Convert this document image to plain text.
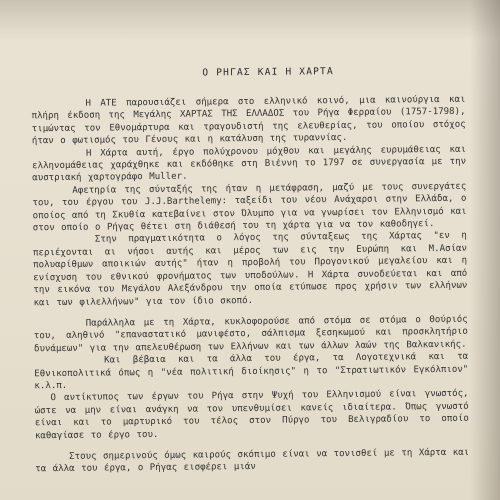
Ο ΡΗΓΑΣ ΚΑΙ Η ΧΑΡΤΑ

Η ΑΤΕ παρουσιάζει σήμερα στο ελληνικό κοινό, μια καινούργια και πλήρη έκδοση της Μεγάλης ΧΑΡΤΑΣ ΤΗΣ ΕΛΛΑΔΟΣ του Ρήγα Φερραίου (1757-1798), τιμώντας τον Εθνομάρτυρα και τραγουδιστή της ελευθερίας, του οποίου στόχος ήταν ο φωτισμός του Γένους και η κατάλυση της τυραννίας.

Η Χάρτα αυτή, έργο πολύχρονου μόχθου και μεγάλης ευρυμάθειας και ελληνομάθειας χαράχθηκε και εκδόθηκε στη Βιέννη το 1797 σε συνεργασία με την αυστριακή χαρτογράφο Muller.

Αφετηρία της σύνταξής της ήταν η μετάφραση, μαζύ με τους συνεργάτες του, του έργου του J.J.Barthelemy: ταξείδι του νέου Ανάχαρσι στην Ελλάδα, ο οποίος από τη Σκυθία κατεβαίνει στον Όλυμπο για να γνωρίσει τον Ελληνισμό και στον οποίο ο Ρήγας θέτει στη διάθεσή του τη χάρτα για να τον καθοδηγεί.

Στην πραγματικότητα ο λόγος της σύνταξεως της Χάρτας "εν η περιέχονται αι νήσοι αυτής και μέρος των εις την Ευρώπη και Μ.Ασίαν πολυαρίθμων αποικιών αυτής" ήταν η προβολή του Προγονικού μεγαλείου και η ενίσχυση του εθνικού φρονήματος των υποδούλων. Η Χάρτα συνοδεύεται και από την εικόνα του Μεγάλου Αλεξάνδρου την οποία ετύπωσε προς χρήσιν των ελλήνων και των φιλελλήνων" για τον ίδιο σκοπό.

Παράλληλα με τη Χάρτα, κυκλοφορούσε από στόμα σε στόμα ο Θούριός του, αληθινό "επαναστατικό μανιφέστο, σάλπισμα ξεσηκωμού και προσκλητήριο δυνάμεων" για την απελευθέρωση των Ελλήνων και των άλλων λαών της Βαλκανικής.

Και βέβαια και τα άλλα του έργα, τα Λογοτεχνικά και τα Εθνικοπολιτικά όπως η "νέα πολιτική διοίκησις" η το "Στρατιωτικόν Εγκόλπιον" κ.λ.π.

Ο αντίκτυπος των έργων του Ρήγα στην Ψυχή του Ελληνισμού είναι γνωστός, ώστε να μην είναι ανάγκη να τον υπενθυμίσει κανείς ιδιαίτερα. Όπως γνωστό είναι και το μαρτυρικό του τέλος στον Πύργο του Βελιγραδίου το οποίο καθαγίασε το έργο του.

Στους σημερινούς όμως καιρούς σκόπιμο είναι να τονισθεί με τη Χάρτα και τα άλλα του έργα, ο Ρήγας εισφέρει μιάν
